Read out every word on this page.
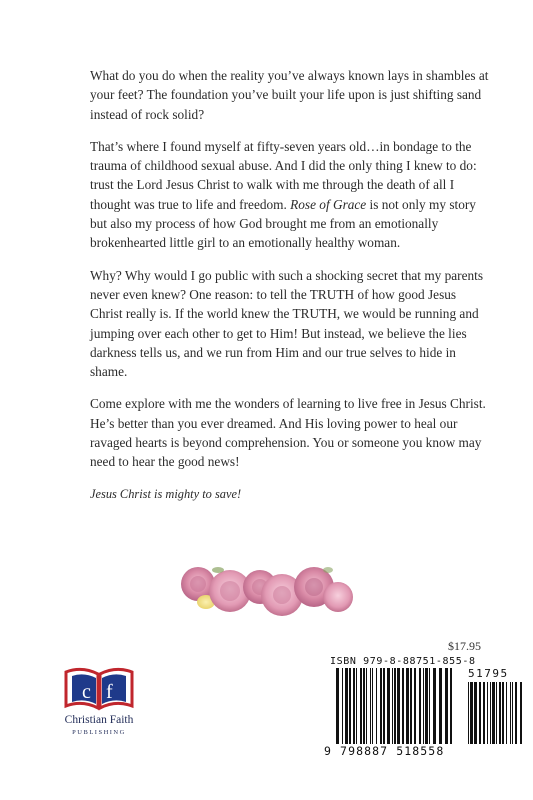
What do you do when the reality you’ve always known lays in shambles at your feet? The foundation you’ve built your life upon is just shifting sand instead of rock solid?

That’s where I found myself at fifty-seven years old…in bondage to the trauma of childhood sexual abuse. And I did the only thing I knew to do: trust the Lord Jesus Christ to walk with me through the death of all I thought was true to life and freedom. Rose of Grace is not only my story but also my process of how God brought me from an emotionally brokenhearted little girl to an emotionally healthy woman.

Why? Why would I go public with such a shocking secret that my parents never even knew? One reason: to tell the TRUTH of how good Jesus Christ really is. If the world knew the TRUTH, we would be running and jumping over each other to get to Him! But instead, we believe the lies darkness tells us, and we run from Him and our true selves to hide in shame.

Come explore with me the wonders of learning to live free in Jesus Christ. He’s better than you ever dreamed. And His loving power to heal our ravaged hearts is beyond comprehension. You or someone you know may need to hear the good news!

Jesus Christ is mighty to save!

$17.95
ISBN 979-8-88751-855-8
51795
9 798887 518558
c f
Christian Faith
PUBLISHING
